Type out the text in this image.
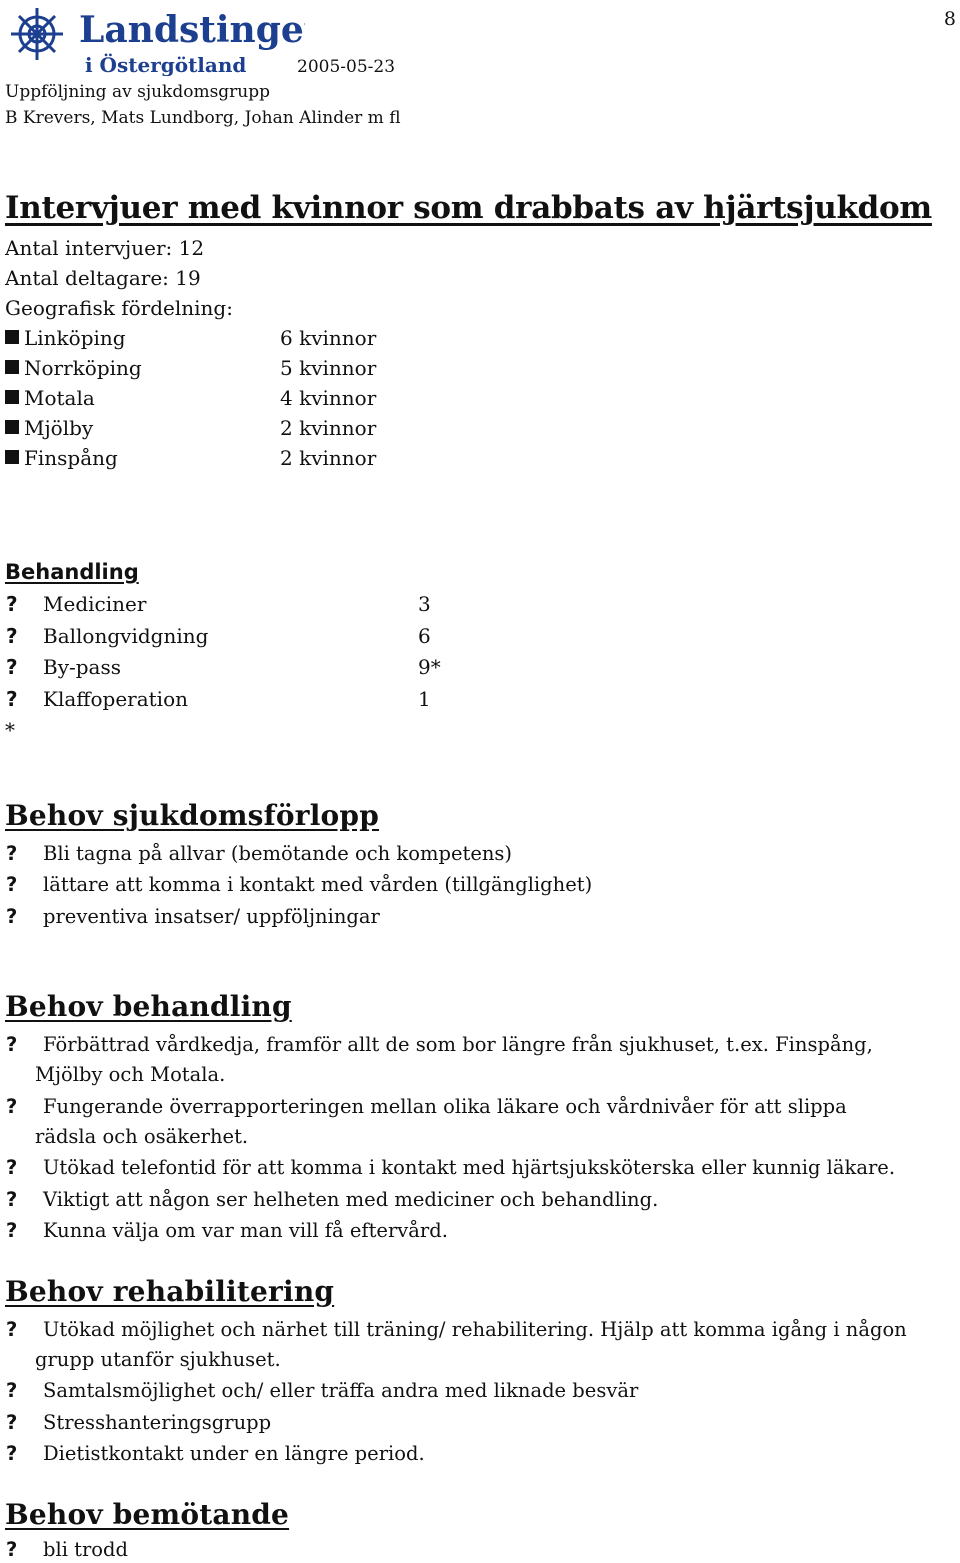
Landstinget
i Östergötland
8
2005-05-23
Uppföljning av sjukdomsgrupp
B Krevers, Mats Lundborg, Johan Alinder m fl
Intervjuer med kvinnor som drabbats av hjärtsjukdom
Antal intervjuer: 12
Antal deltagare: 19
Geografisk fördelning:
Linköping	6 kvinnor
Norrköping	5 kvinnor
Motala	4 kvinnor
Mjölby	2 kvinnor
Finspång	2 kvinnor
Behandling
? Mediciner	3
? Ballongvidgning	6
? By-pass	9*
? Klaffoperation	1
*
Behov sjukdomsförlopp
? Bli tagna på allvar (bemötande och kompetens)
? lättare att komma i kontakt med vården (tillgänglighet)
? preventiva insatser/ uppföljningar
Behov behandling
? Förbättrad vårdkedja, framför allt de som bor längre från sjukhuset, t.ex. Finspång,
Mjölby och Motala.
? Fungerande överrapporteringen mellan olika läkare och vårdnivåer för att slippa
rädsla och osäkerhet.
? Utökad telefontid för att komma i kontakt med hjärtsjuksköterska eller kunnig läkare.
? Viktigt att någon ser helheten med mediciner och behandling.
? Kunna välja om var man vill få eftervård.
Behov rehabilitering
? Utökad möjlighet och närhet till träning/ rehabilitering. Hjälp att komma igång i någon
grupp utanför sjukhuset.
? Samtalsmöjlighet och/ eller träffa andra med liknade besvär
? Stresshanteringsgrupp
? Dietistkontakt under en längre period.
Behov bemötande
? bli trodd
